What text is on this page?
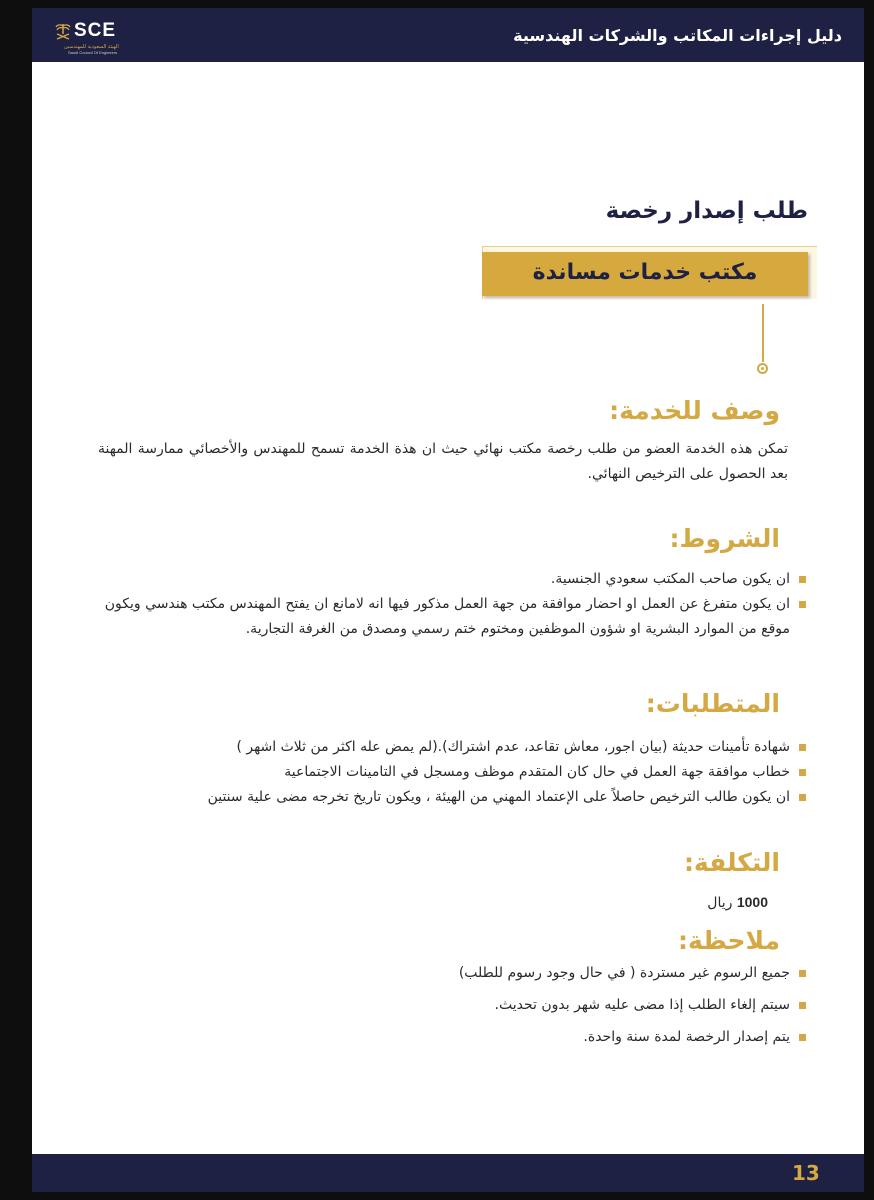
SCE
الهيئة السعودية للمهندسين
Saudi Council Of Engineers
دليل إجراءات المكاتب والشركات الهندسية
طلب إصدار رخصة
مكتب خدمات مساندة
وصف للخدمة:
تمكن هذه الخدمة العضو من طلب رخصة مكتب نهائي حيث ان هذة الخدمة تسمح للمهندس والأخصائي ممارسة المهنة بعد الحصول على الترخيص النهائي.
الشروط:
ان يكون صاحب المكتب سعودي الجنسية.
ان يكون متفرغ عن العمل او احضار موافقة من جهة العمل مذكور فيها انه لامانع ان يفتح المهندس مكتب هندسي ويكون موقع من الموارد البشرية او شؤون الموظفين ومختوم ختم رسمي ومصدق من الغرفة التجارية.
المتطلبات:
شهادة تأمينات حديثة (بيان اجور، معاش تقاعد، عدم اشتراك).(لم يمض عله اكثر من ثلاث اشهر )
خطاب موافقة جهة العمل في حال كان المتقدم موظف ومسجل في التامينات الاجتماعية
ان يكون طالب الترخيص حاصلاً على الإعتماد المهني من الهيئة ، ويكون تاريخ تخرجه مضى علية سنتين
التكلفة:
1000 ريال
ملاحظة:
جميع الرسوم غير مستردة ( في حال وجود رسوم للطلب)
سيتم إلغاء الطلب إذا مضى عليه شهر بدون تحديث.
يتم إصدار الرخصة لمدة سنة واحدة.
13
